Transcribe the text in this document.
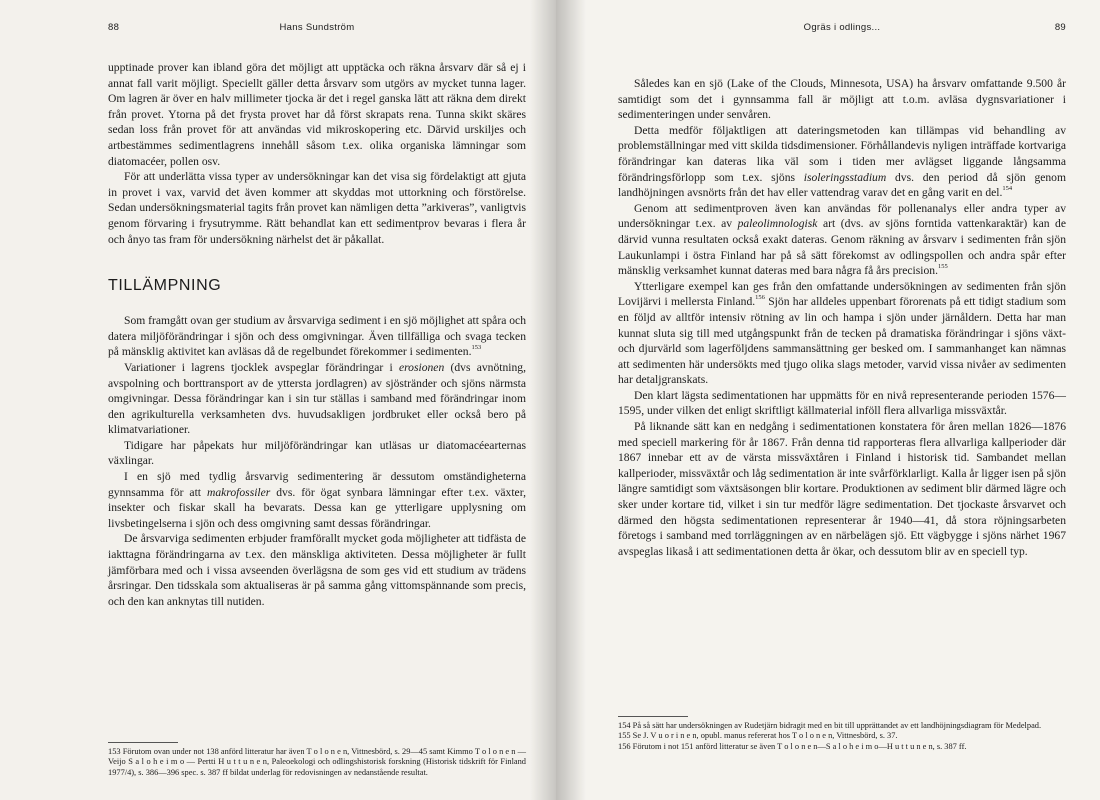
88	Hans Sundström

upptinade prover kan ibland göra det möjligt att upptäcka och räkna årsvarv där så ej i annat fall varit möjligt. Speciellt gäller detta årsvarv som utgörs av mycket tunna lager. Om lagren är över en halv millimeter tjocka är det i regel ganska lätt att räkna dem direkt från provet. Ytorna på det frysta provet har då först skrapats rena. Tunna skikt skäres sedan loss från provet för att användas vid mikroskopering etc. Därvid urskiljes och artbestämmes sedimentlagrens innehåll såsom t.ex. olika organiska lämningar som diatomacéer, pollen osv.

För att underlätta vissa typer av undersökningar kan det visa sig fördelaktigt att gjuta in provet i vax, varvid det även kommer att skyddas mot uttorkning och förstörelse. Sedan undersökningsmaterial tagits från provet kan nämligen detta ”arkiveras”, vanligtvis genom förvaring i frysutrymme. Rätt behandlat kan ett sedimentprov bevaras i flera år och ånyo tas fram för undersökning närhelst det är påkallat.

TILLÄMPNING

Som framgått ovan ger studium av årsvarviga sediment i en sjö möjlighet att spåra och datera miljöförändringar i sjön och dess omgivningar. Även tillfälliga och svaga tecken på mänsklig aktivitet kan avläsas då de regelbundet förekommer i sedimenten.$^{153}$

Variationer i lagrens tjocklek avspeglar förändringar i erosionen (dvs avnötning, avspolning och borttransport av de yttersta jordlagren) av sjöstränder och sjöns närmsta omgivningar. Dessa förändringar kan i sin tur ställas i samband med förändringar inom den agrikulturella verksamheten dvs. huvudsakligen jordbruket eller också bero på klimatvariationer.

Tidigare har påpekats hur miljöförändringar kan utläsas ur diatomacéearternas växlingar.

I en sjö med tydlig årsvarvig sedimentering är dessutom omständigheterna gynnsamma för att makrofossiler dvs. för ögat synbara lämningar efter t.ex. växter, insekter och fiskar skall ha bevarats. Dessa kan ge ytterligare upplysning om livsbetingelserna i sjön och dess omgivning samt dessas förändringar.

De årsvarviga sedimenten erbjuder framförallt mycket goda möjligheter att tidfästa de iakttagna förändringarna av t.ex. den mänskliga aktiviteten. Dessa möjligheter är fullt jämförbara med och i vissa avseenden överlägsna de som ges vid ett studium av trädens årsringar. Den tidsskala som aktualiseras är på samma gång vittomspännande som precis, och den kan anknytas till nutiden.

153 Förutom ovan under not 138 anförd litteratur har även T o l o n e n, Vittnesbörd, s. 29—45 samt Kimmo T o l o n e n — Veijo S a l o h e i m o — Pertti H u t t u n e n, Paleoekologi och odlingshistorisk forskning (Historisk tidskrift för Finland 1977/4), s. 386—396 spec. s. 387 ff bildat underlag för redovisningen av nedanstående resultat.

Ogräs i odlings...	89

Således kan en sjö (Lake of the Clouds, Minnesota, USA) ha årsvarv omfattande 9.500 år samtidigt som det i gynnsamma fall är möjligt att t.o.m. avläsa dygnsvariationer i sedimenteringen under senvåren.

Detta medför följaktligen att dateringsmetoden kan tillämpas vid behandling av problemställningar med vitt skilda tidsdimensioner. Förhållandevis nyligen inträffade kortvariga förändringar kan dateras lika väl som i tiden mer avlägset liggande långsamma förändringsförlopp som t.ex. sjöns isoleringsstadium dvs. den period då sjön genom landhöjningen avsnörts från det hav eller vattendrag varav det en gång varit en del.$^{154}$

Genom att sedimentproven även kan användas för pollenanalys eller andra typer av undersökningar t.ex. av paleolimnologisk art (dvs. av sjöns forntida vattenkaraktär) kan de därvid vunna resultaten också exakt dateras. Genom räkning av årsvarv i sedimenten från sjön Laukunlampi i östra Finland har på så sätt förekomst av odlingspollen och andra spår efter mänsklig verksamhet kunnat dateras med bara några få års precision.$^{155}$

Ytterligare exempel kan ges från den omfattande undersökningen av sedimenten från sjön Lovijärvi i mellersta Finland.$^{156}$ Sjön har alldeles uppenbart förorenats på ett tidigt stadium som en följd av alltför intensiv rötning av lin och hampa i sjön under järnåldern. Detta har man kunnat sluta sig till med utgångspunkt från de tecken på dramatiska förändringar i sjöns växt- och djurvärld som lagerföljdens sammansättning ger besked om. I sammanhanget kan nämnas att sedimenten här undersökts med tjugo olika slags metoder, varvid vissa nivåer av sedimenten har detaljgranskats.

Den klart lägsta sedimentationen har uppmätts för en nivå representerande perioden 1576—1595, under vilken det enligt skriftligt källmaterial inföll flera allvarliga missväxtår.

På liknande sätt kan en nedgång i sedimentationen konstatera för åren mellan 1826—1876 med speciell markering för år 1867. Från denna tid rapporteras flera allvarliga kallperioder där 1867 innebar ett av de värsta missväxtåren i Finland i historisk tid. Sambandet mellan kallperioder, missväxtår och låg sedimentation är inte svårförklarligt. Kalla år ligger isen på sjön längre samtidigt som växtsäsongen blir kortare. Produktionen av sediment blir därmed lägre och sker under kortare tid, vilket i sin tur medför lägre sedimentation. Det tjockaste årsvarvet och därmed den högsta sedimentationen representerar år 1940—41, då stora röjningsarbeten företogs i samband med torrläggningen av en närbelägen sjö. Ett vägbygge i sjöns närhet 1967 avspeglas likaså i att sedimentationen detta år ökar, och dessutom blir av en speciell typ.

154 På så sätt har undersökningen av Rudetjärn bidragit med en bit till upprättandet av ett landhöjningsdiagram för Medelpad.

155 Se J. V u o r i n e n, opubl. manus refererat hos T o l o n e n, Vittnesbörd, s. 37.

156 Förutom i not 151 anförd litteratur se även T o l o n e n—S a l o h e i m o—H u t t u n e n, s. 387 ff.
